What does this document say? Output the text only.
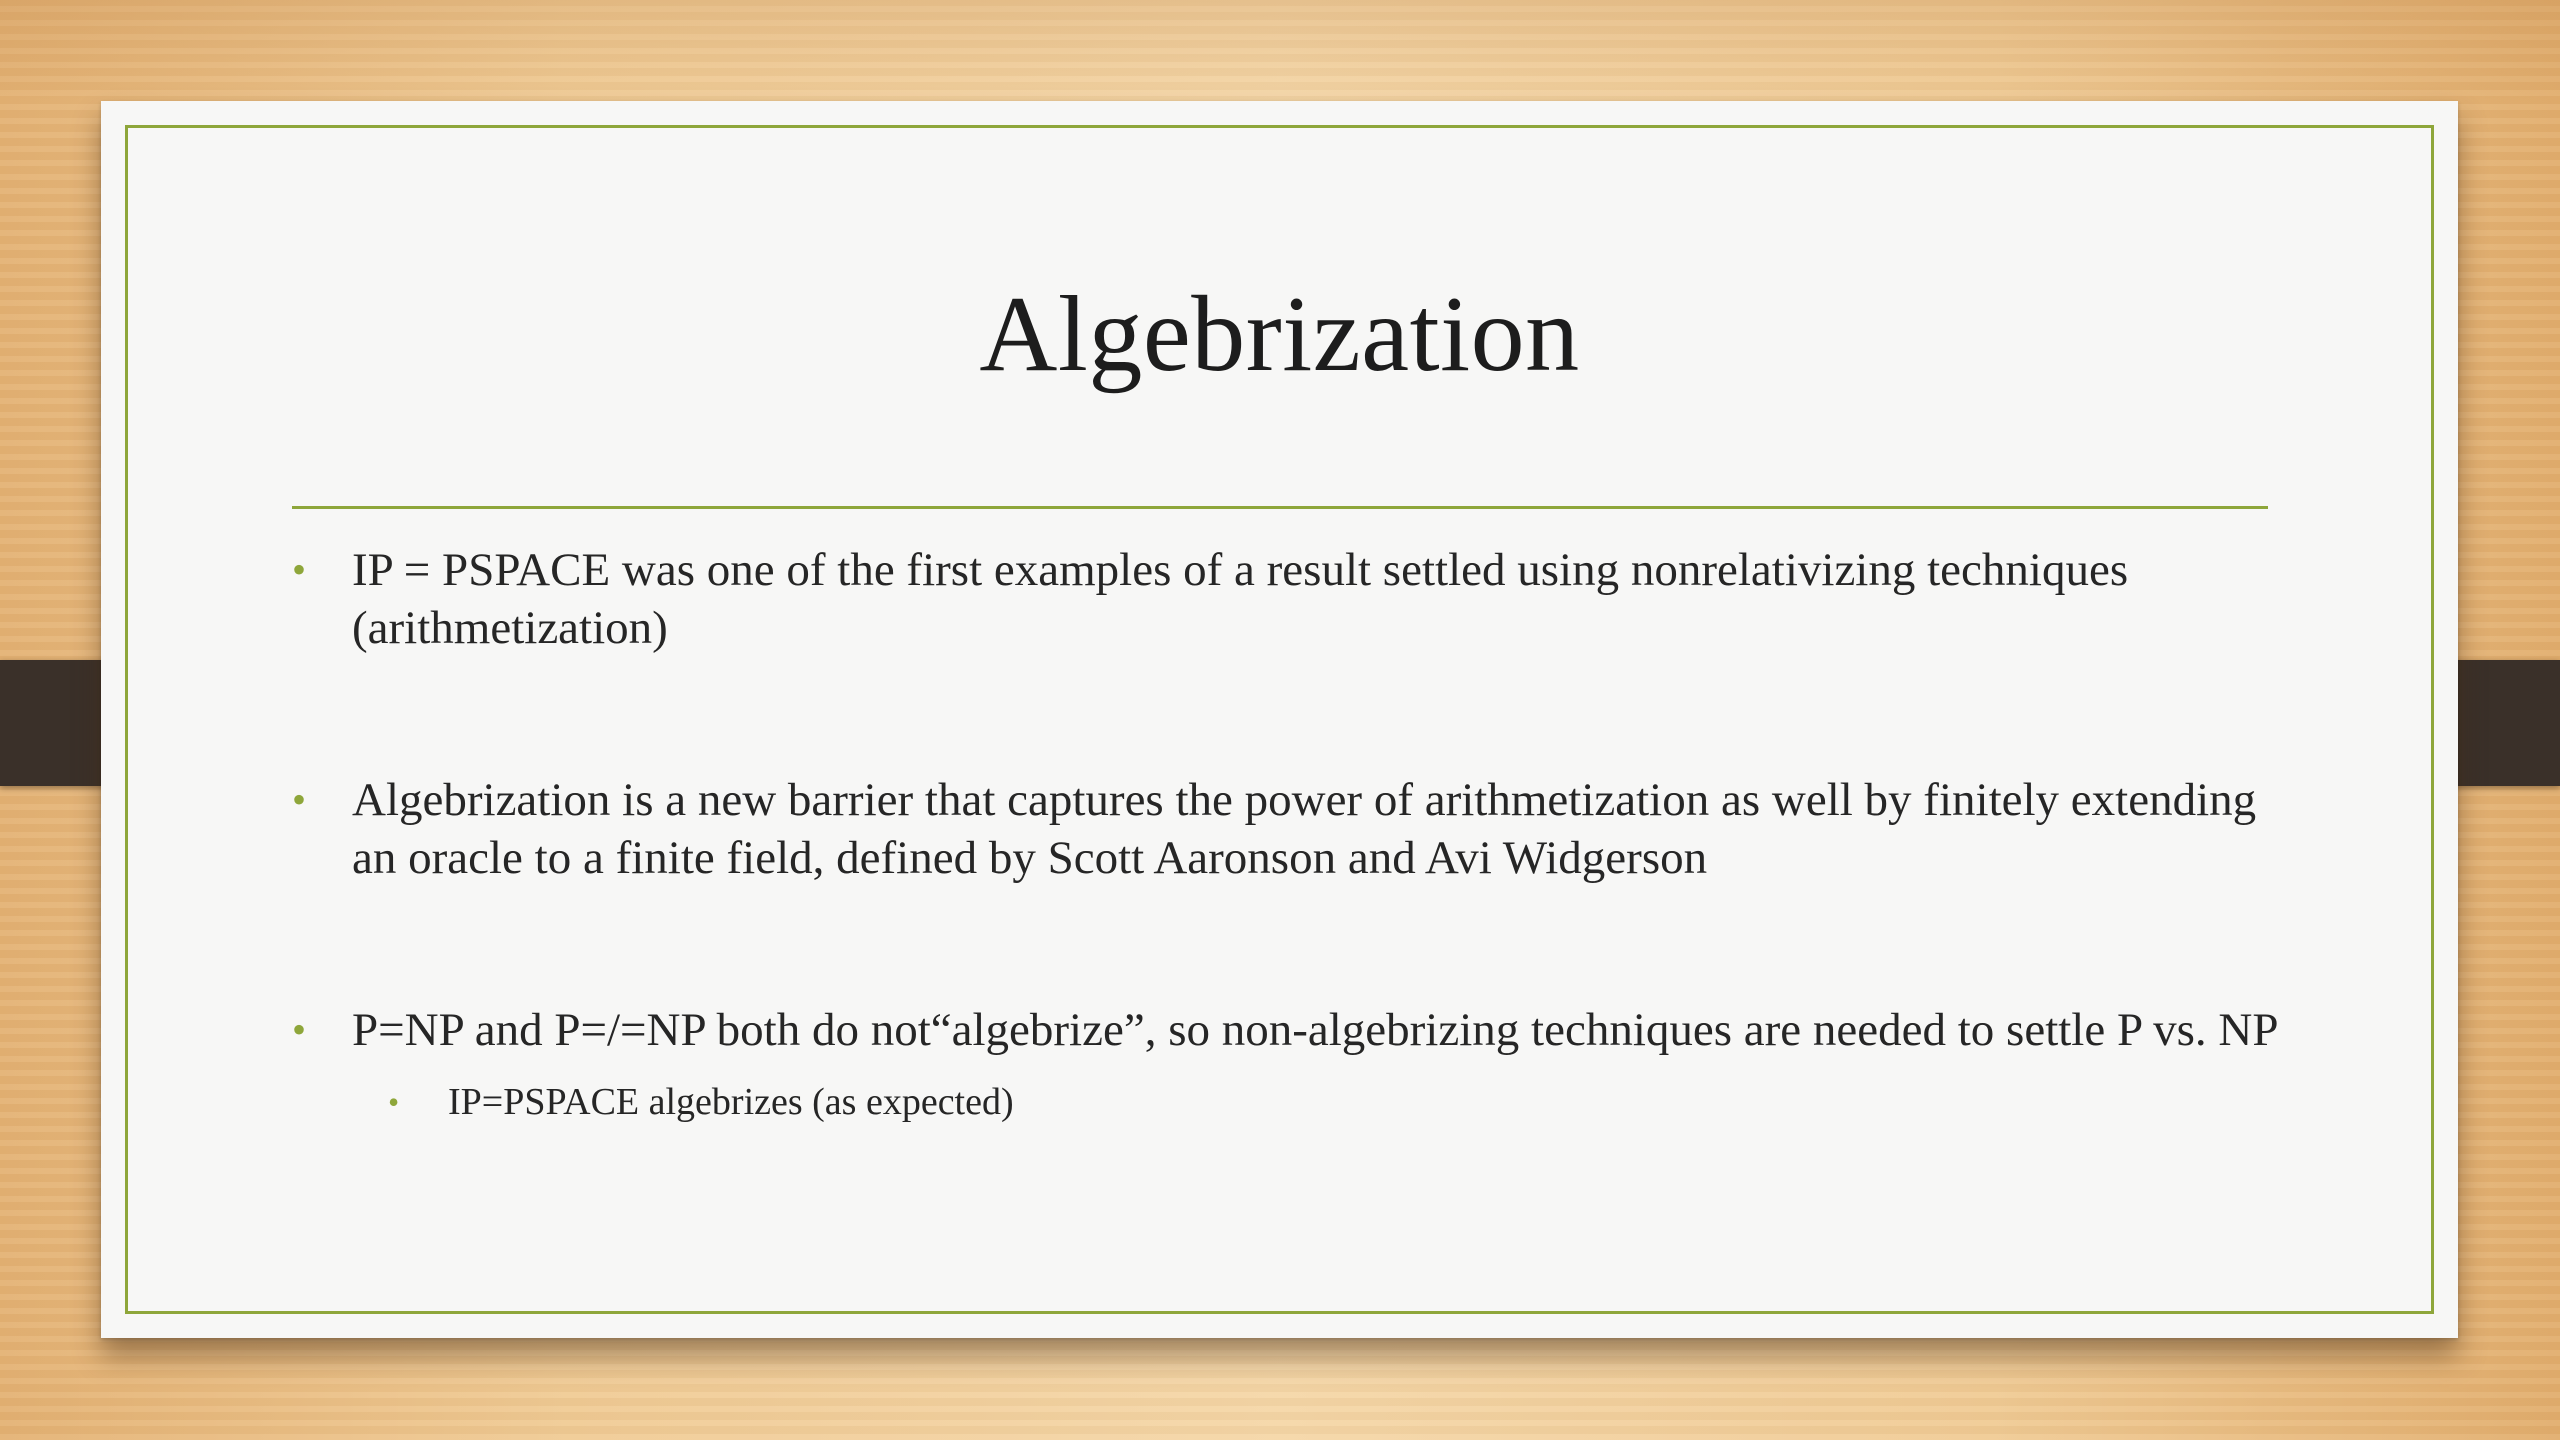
Algebrization
• IP = PSPACE was one of the first examples of a result settled using nonrelativizing techniques (arithmetization)
• Algebrization is a new barrier that captures the power of arithmetization as well by finitely extending an oracle to a finite field, defined by Scott Aaronson and Avi Widgerson
• P=NP and P=/=NP both do not“algebrize”, so non-algebrizing techniques are needed to settle P vs. NP
• IP=PSPACE algebrizes (as expected)
